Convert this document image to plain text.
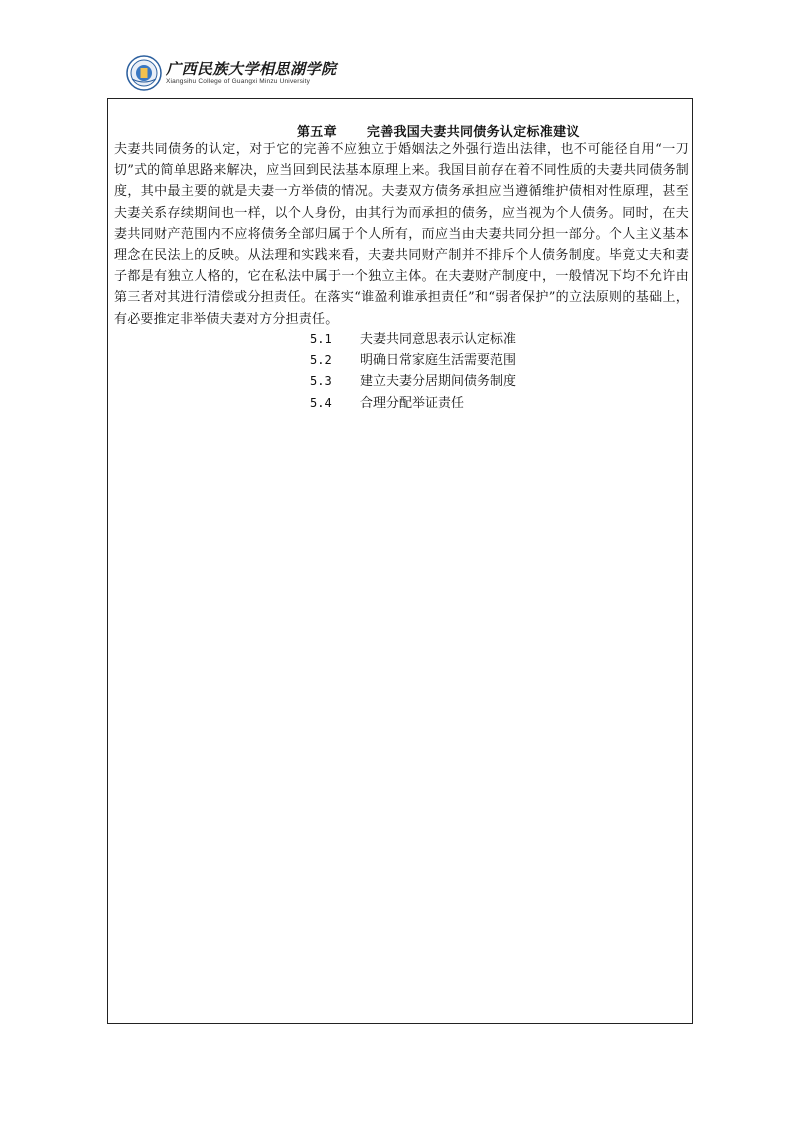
广西民族大学相思湖学院
Xiangsihu College of Guangxi Minzu University
第五章 完善我国夫妻共同债务认定标准建议

夫妻共同债务的认定，对于它的完善不应独立于婚姻法之外强行造出法律，也不可能径自用“一刀切”式的简单思路来解决，应当回到民法基本原理上来。我国目前存在着不同性质的夫妻共同债务制度，其中最主要的就是夫妻一方举债的情况。夫妻双方债务承担应当遵循维护债相对性原理，甚至夫妻关系存续期间也一样，以个人身份，由其行为而承担的债务，应当视为个人债务。同时，在夫妻共同财产范围内不应将债务全部归属于个人所有，而应当由夫妻共同分担一部分。个人主义基本理念在民法上的反映。从法理和实践来看，夫妻共同财产制并不排斥个人债务制度。毕竟丈夫和妻子都是有独立人格的，它在私法中属于一个独立主体。在夫妻财产制度中，一般情况下均不允许由第三者对其进行清偿或分担责任。在落实“谁盈利谁承担责任”和“弱者保护”的立法原则的基础上，有必要推定非举债夫妻对方分担责任。

5.1 夫妻共同意思表示认定标准
5.2 明确日常家庭生活需要范围
5.3 建立夫妻分居期间债务制度
5.4 合理分配举证责任
